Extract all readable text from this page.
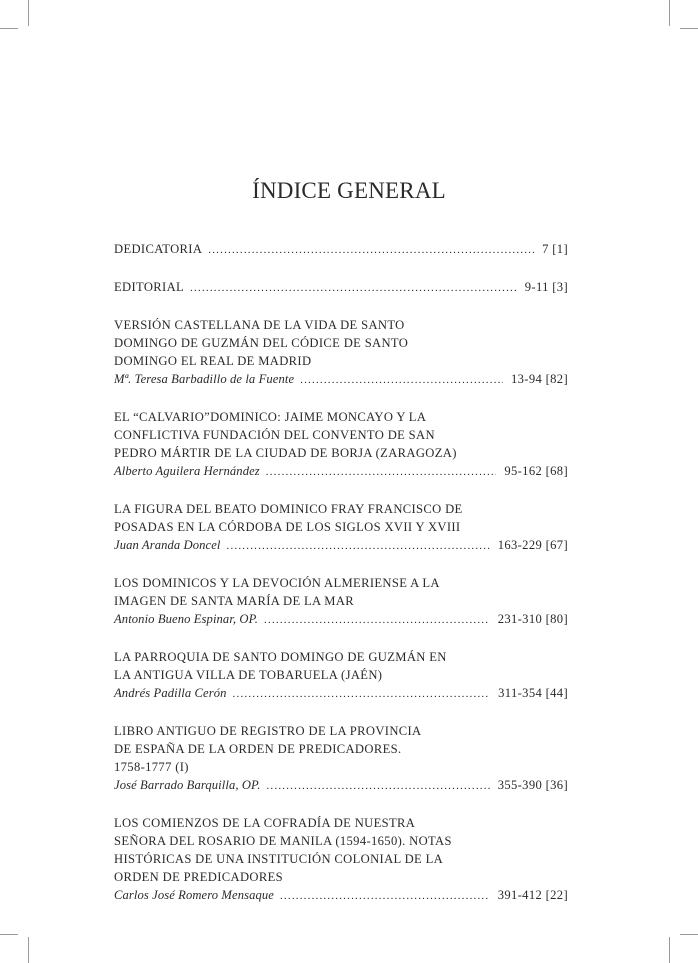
ÍNDICE GENERAL
DEDICATORIA .....	7 [1]
EDITORIAL .....	9-11 [3]
VERSIÓN CASTELLANA DE LA VIDA DE SANTO
DOMINGO DE GUZMÁN DEL CÓDICE DE SANTO
DOMINGO EL REAL DE MADRID
Mª. Teresa Barbadillo de la Fuente .....	13-94 [82]
EL “CALVARIO”DOMINICO: JAIME MONCAYO Y LA
CONFLICTIVA FUNDACIÓN DEL CONVENTO DE SAN
PEDRO MÁRTIR DE LA CIUDAD DE BORJA (ZARAGOZA)
Alberto Aguilera Hernández .....	95-162 [68]
LA FIGURA DEL BEATO DOMINICO FRAY FRANCISCO DE
POSADAS EN LA CÓRDOBA DE LOS SIGLOS XVII Y XVIII
Juan Aranda Doncel .....	163-229 [67]
LOS DOMINICOS Y LA DEVOCIÓN ALMERIENSE A LA
IMAGEN DE SANTA MARÍA DE LA MAR
Antonio Bueno Espinar, OP. .....	231-310 [80]
LA PARROQUIA DE SANTO DOMINGO DE GUZMÁN EN
LA ANTIGUA VILLA DE TOBARUELA (JAÉN)
Andrés Padilla Cerón .....	311-354 [44]
LIBRO ANTIGUO DE REGISTRO DE LA PROVINCIA
DE ESPAÑA DE LA ORDEN DE PREDICADORES.
1758-1777 (I)
José Barrado Barquilla, OP. .....	355-390 [36]
LOS COMIENZOS DE LA COFRADÍA DE NUESTRA
SEÑORA DEL ROSARIO DE MANILA (1594-1650). NOTAS
HISTÓRICAS DE UNA INSTITUCIÓN COLONIAL DE LA
ORDEN DE PREDICADORES
Carlos José Romero Mensaque .....	391-412 [22]
